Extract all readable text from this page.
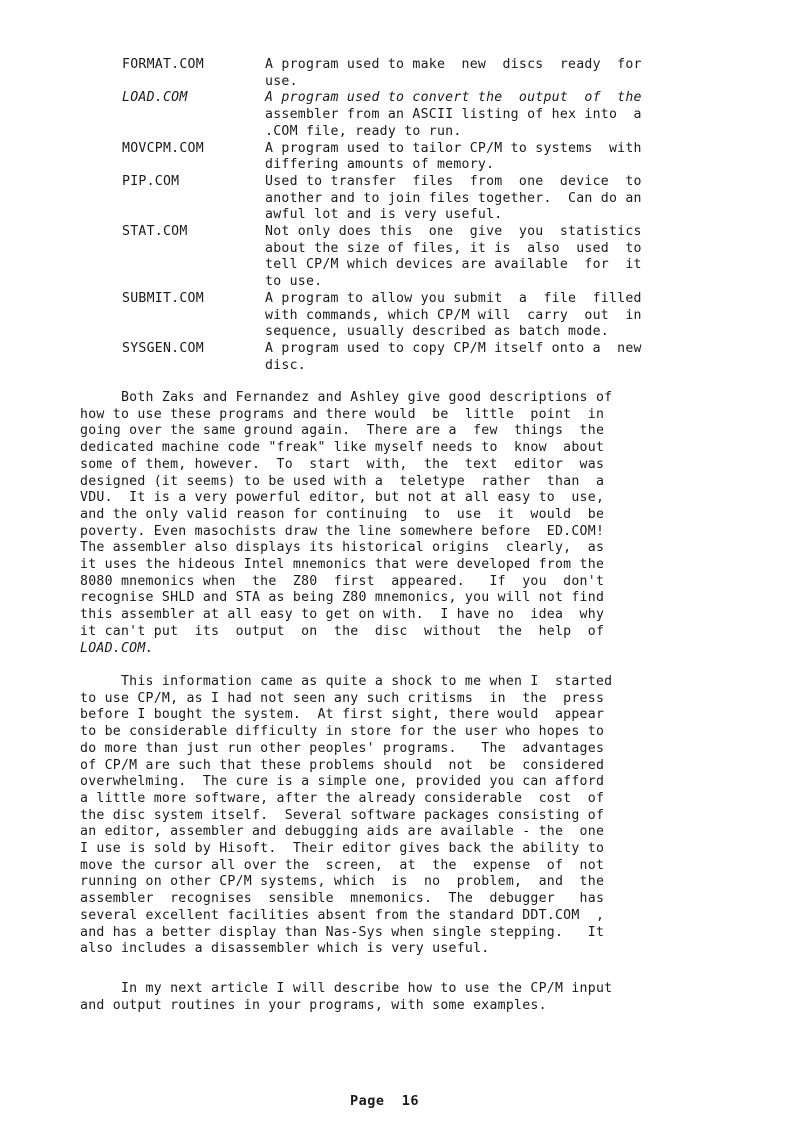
FORMAT.COM	A program used to make  new  discs  ready  for
use.
LOAD.COM	A program used to convert the  output  of  the
assembler from an ASCII listing of hex into  a
.COM file, ready to run.
MOVCPM.COM	A program used to tailor CP/M to systems  with
differing amounts of memory.
PIP.COM	Used to transfer  files  from  one  device  to
another and to join files together.  Can do an
awful lot and is very useful.
STAT.COM	Not only does this  one  give  you  statistics
about the size of files, it is  also  used  to
tell CP/M which devices are available  for  it
to use.
SUBMIT.COM	A program to allow you submit  a  file  filled
with commands, which CP/M will  carry  out  in
sequence, usually described as batch mode.
SYSGEN.COM	A program used to copy CP/M itself onto a  new
disc.
Both Zaks and Fernandez and Ashley give good descriptions of
how to use these programs and there would  be  little  point  in
going over the same ground again.  There are a  few  things  the
dedicated machine code "freak" like myself needs to  know  about
some of them, however.  To  start  with,  the  text  editor  was
designed (it seems) to be used with a  teletype  rather  than  a
VDU.  It is a very powerful editor, but not at all easy to  use,
and the only valid reason for continuing  to  use  it  would  be
poverty. Even masochists draw the line somewhere before  ED.COM!
The assembler also displays its historical origins  clearly,  as
it uses the hideous Intel mnemonics that were developed from the
8080 mnemonics when  the  Z80  first  appeared.   If  you  don't
recognise SHLD and STA as being Z80 mnemonics, you will not find
this assembler at all easy to get on with.  I have no  idea  why
it can't put  its  output  on  the  disc  without  the  help  of
LOAD.COM.
This information came as quite a shock to me when I  started
to use CP/M, as I had not seen any such critisms  in  the  press
before I bought the system.  At first sight, there would  appear
to be considerable difficulty in store for the user who hopes to
do more than just run other peoples' programs.   The  advantages
of CP/M are such that these problems should  not  be  considered
overwhelming.  The cure is a simple one, provided you can afford
a little more software, after the already considerable  cost  of
the disc system itself.  Several software packages consisting of
an editor, assembler and debugging aids are available - the  one
I use is sold by Hisoft.  Their editor gives back the ability to
move the cursor all over the  screen,  at  the  expense  of  not
running on other CP/M systems, which  is  no  problem,  and  the
assembler  recognises  sensible  mnemonics.  The  debugger   has
several excellent facilities absent from the standard DDT.COM  ,
and has a better display than Nas-Sys when single stepping.   It
also includes a disassembler which is very useful.
In my next article I will describe how to use the CP/M input
and output routines in your programs, with some examples.
Page  16
